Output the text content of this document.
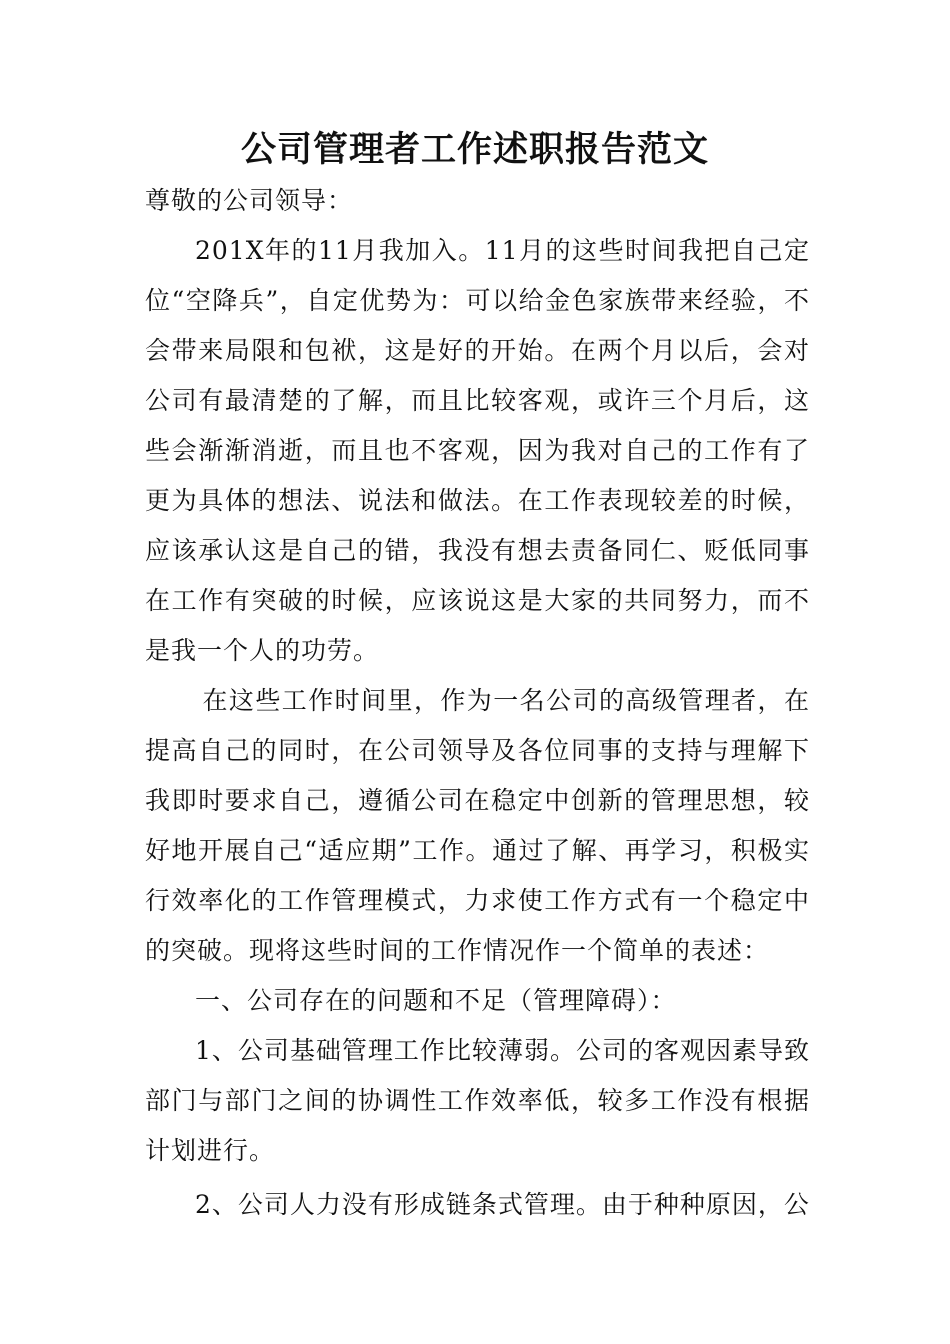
公司管理者工作述职报告范文

尊敬的公司领导：

201X年的11月我加入。11月的这些时间我把自己定位“空降兵”，自定优势为：可以给金色家族带来经验，不会带来局限和包袱，这是好的开始。在两个月以后，会对公司有最清楚的了解，而且比较客观，或许三个月后，这些会渐渐消逝，而且也不客观，因为我对自己的工作有了更为具体的想法、说法和做法。在工作表现较差的时候，应该承认这是自己的错，我没有想去责备同仁、贬低同事在工作有突破的时候，应该说这是大家的共同努力，而不是我一个人的功劳。

在这些工作时间里，作为一名公司的高级管理者，在提高自己的同时，在公司领导及各位同事的支持与理解下我即时要求自己，遵循公司在稳定中创新的管理思想，较好地开展自己“适应期”工作。通过了解、再学习，积极实行效率化的工作管理模式，力求使工作方式有一个稳定中的突破。现将这些时间的工作情况作一个简单的表述：

一、公司存在的问题和不足（管理障碍）：

1、公司基础管理工作比较薄弱。公司的客观因素导致部门与部门之间的协调性工作效率低，较多工作没有根据计划进行。

2、公司人力没有形成链条式管理。由于种种原因，公
